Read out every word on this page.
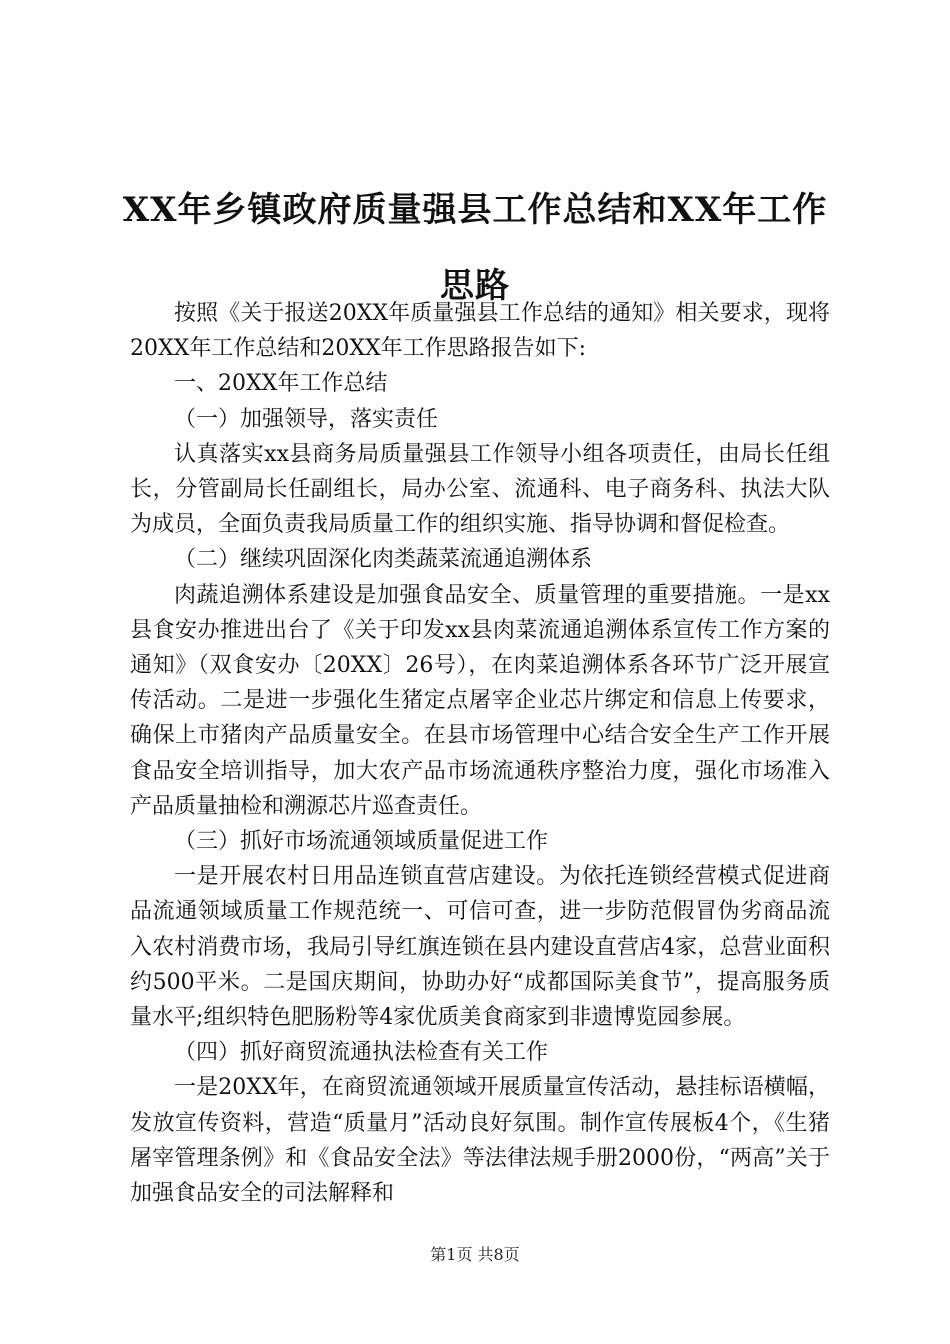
XX年乡镇政府质量强县工作总结和XX年工作
思路

按照《关于报送20XX年质量强县工作总结的通知》相关要求，现将20XX年工作总结和20XX年工作思路报告如下:

一、20XX年工作总结

（一）加强领导，落实责任

认真落实xx县商务局质量强县工作领导小组各项责任，由局长任组长，分管副局长任副组长，局办公室、流通科、电子商务科、执法大队为成员，全面负责我局质量工作的组织实施、指导协调和督促检查。

（二）继续巩固深化肉类蔬菜流通追溯体系

肉蔬追溯体系建设是加强食品安全、质量管理的重要措施。一是xx县食安办推进出台了《关于印发xx县肉菜流通追溯体系宣传工作方案的通知》（双食安办〔20XX〕26号），在肉菜追溯体系各环节广泛开展宣传活动。二是进一步强化生猪定点屠宰企业芯片绑定和信息上传要求，确保上市猪肉产品质量安全。在县市场管理中心结合安全生产工作开展食品安全培训指导，加大农产品市场流通秩序整治力度，强化市场准入产品质量抽检和溯源芯片巡查责任。

（三）抓好市场流通领域质量促进工作

一是开展农村日用品连锁直营店建设。为依托连锁经营模式促进商品流通领域质量工作规范统一、可信可查，进一步防范假冒伪劣商品流入农村消费市场，我局引导红旗连锁在县内建设直营店4家，总营业面积约500平米。二是国庆期间，协助办好“成都国际美食节”，提高服务质量水平;组织特色肥肠粉等4家优质美食商家到非遗博览园参展。

（四）抓好商贸流通执法检查有关工作

一是20XX年，在商贸流通领域开展质量宣传活动，悬挂标语横幅，发放宣传资料，营造“质量月”活动良好氛围。制作宣传展板4个，《生猪屠宰管理条例》和《食品安全法》等法律法规手册2000份，“两高”关于加强食品安全的司法解释和

第1页 共8页
